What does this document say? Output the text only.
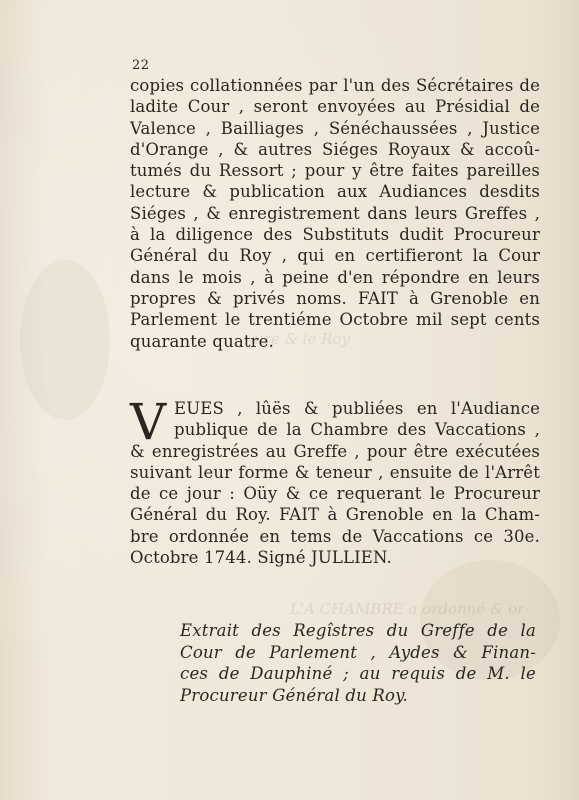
aire & le Roy
L'A CHAMBRE a ordonné & or-
22
copies collationnées par l'un des Sécrétaires de
ladite Cour , seront envoyées au Présidial de
Valence , Bailliages , Sénéchaussées , Justice
d'Orange , & autres Siéges Royaux & accoû-
tumés du Ressort ; pour y être faites pareilles
lecture & publication aux Audiances desdits
Siéges , & enregistrement dans leurs Greffes ,
à la diligence des Substituts dudit Procureur
Général du Roy , qui en certifieront la Cour
dans le mois , à peine d'en répondre en leurs
propres & privés noms. FAIT à Grenoble en
Parlement le trentiéme Octobre mil sept cents
quarante quatre.
V EUES , lûës & publiées en l'Audiance
publique de la Chambre des Vaccations ,
& enregistrées au Greffe , pour être exécutées
suivant leur forme & teneur , ensuite de l'Arrêt
de ce jour : Oüy & ce requerant le Procureur
Général du Roy. FAIT à Grenoble en la Cham-
bre ordonnée en tems de Vaccations ce 30e.
Octobre 1744. Signé JULLIEN.
Extrait des Regîstres du Greffe de la
Cour de Parlement , Aydes & Finan-
ces de Dauphiné ; au requis de M. le
Procureur Général du Roy.
